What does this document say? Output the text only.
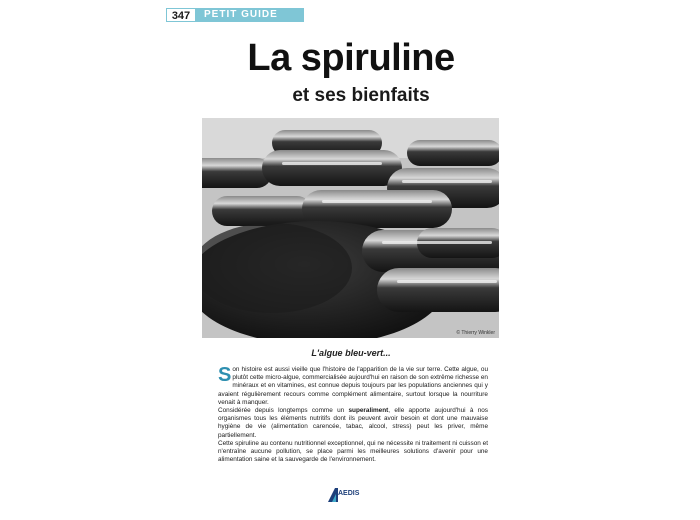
347	PETIT GUIDE
La spiruline
et ses bienfaits
© Thierry Winkler
L'algue bleu-vert...

Son histoire est aussi vieille que l'histoire de l'apparition de la vie sur terre. Cette algue, ou plutôt cette micro-algue, commercialisée aujourd'hui en raison de son extrême richesse en minéraux et en vitamines, est connue depuis toujours par les populations anciennes qui y avaient régulièrement recours comme complément alimentaire, surtout lorsque la nourriture venait à manquer.

Considérée depuis longtemps comme un superaliment, elle apporte aujourd'hui à nos organismes tous les éléments nutritifs dont ils peuvent avoir besoin et dont une mauvaise hygiène de vie (alimentation carencée, tabac, alcool, stress) peut les priver, même partiellement.

Cette spiruline au contenu nutritionnel exceptionnel, qui ne nécessite ni traitement ni cuisson et n'entraîne aucune pollution, se place parmi les meilleures solutions d'avenir pour une alimentation saine et la sauvegarde de l'environnement.

AEDIS
